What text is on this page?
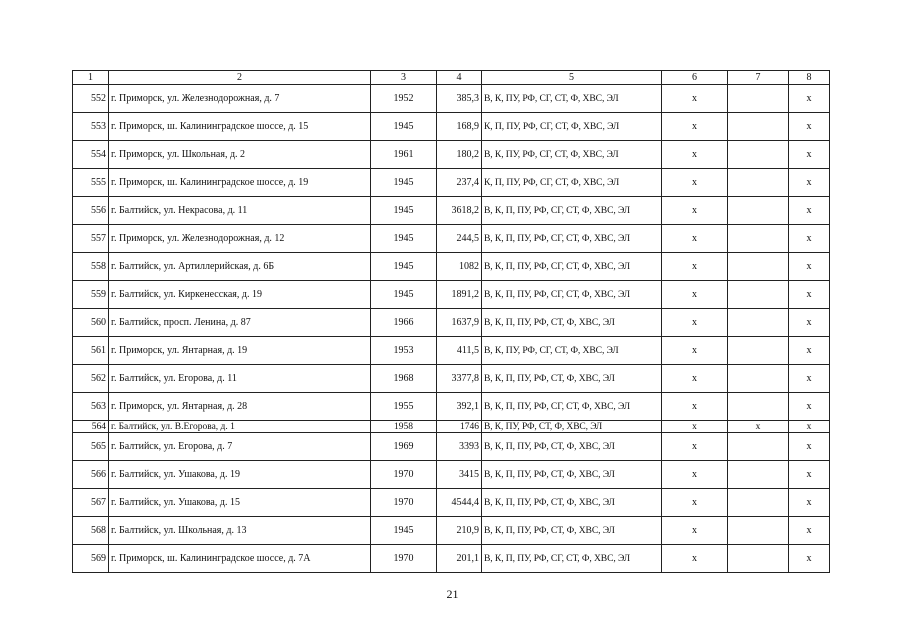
1	2	3	4	5	6	7	8
552	г. Приморск, ул. Железнодорожная, д. 7	1952	385,3	В, К, ПУ, РФ, СГ, СТ, Ф, ХВС, ЭЛ	x		x
553	г. Приморск, ш. Калининградское шоссе, д. 15	1945	168,9	К, П, ПУ, РФ, СГ, СТ, Ф, ХВС, ЭЛ	x		x
554	г. Приморск, ул. Школьная, д. 2	1961	180,2	В, К, ПУ, РФ, СГ, СТ, Ф, ХВС, ЭЛ	x		x
555	г. Приморск, ш. Калининградское шоссе, д. 19	1945	237,4	К, П, ПУ, РФ, СГ, СТ, Ф, ХВС, ЭЛ	x		x
556	г. Балтийск, ул. Некрасова, д. 11	1945	3618,2	В, К, П, ПУ, РФ, СГ, СТ, Ф, ХВС, ЭЛ	x		x
557	г. Приморск, ул. Железнодорожная, д. 12	1945	244,5	В, К, П, ПУ, РФ, СГ, СТ, Ф, ХВС, ЭЛ	x		x
558	г. Балтийск, ул. Артиллерийская, д. 6Б	1945	1082	В, К, П, ПУ, РФ, СГ, СТ, Ф, ХВС, ЭЛ	x		x
559	г. Балтийск, ул. Киркенесская, д. 19	1945	1891,2	В, К, П, ПУ, РФ, СГ, СТ, Ф, ХВС, ЭЛ	x		x
560	г. Балтийск, просп. Ленина, д. 87	1966	1637,9	В, К, П, ПУ, РФ, СТ, Ф, ХВС, ЭЛ	x		x
561	г. Приморск, ул. Янтарная, д. 19	1953	411,5	В, К, ПУ, РФ, СГ, СТ, Ф, ХВС, ЭЛ	x		x
562	г. Балтийск, ул. Егорова, д. 11	1968	3377,8	В, К, П, ПУ, РФ, СТ, Ф, ХВС, ЭЛ	x		x
563	г. Приморск, ул. Янтарная, д. 28	1955	392,1	В, К, П, ПУ, РФ, СГ, СТ, Ф, ХВС, ЭЛ	x		x
564	г. Балтийск, ул. В.Егорова, д. 1	1958	1746	В, К, ПУ, РФ, СТ, Ф, ХВС, ЭЛ	x	x	x
565	г. Балтийск, ул. Егорова, д. 7	1969	3393	В, К, П, ПУ, РФ, СТ, Ф, ХВС, ЭЛ	x		x
566	г. Балтийск, ул. Ушакова, д. 19	1970	3415	В, К, П, ПУ, РФ, СТ, Ф, ХВС, ЭЛ	x		x
567	г. Балтийск, ул. Ушакова, д. 15	1970	4544,4	В, К, П, ПУ, РФ, СТ, Ф, ХВС, ЭЛ	x		x
568	г. Балтийск, ул. Школьная, д. 13	1945	210,9	В, К, П, ПУ, РФ, СТ, Ф, ХВС, ЭЛ	x		x
569	г. Приморск, ш. Калининградское шоссе, д. 7А	1970	201,1	В, К, П, ПУ, РФ, СГ, СТ, Ф, ХВС, ЭЛ	x		x
21
